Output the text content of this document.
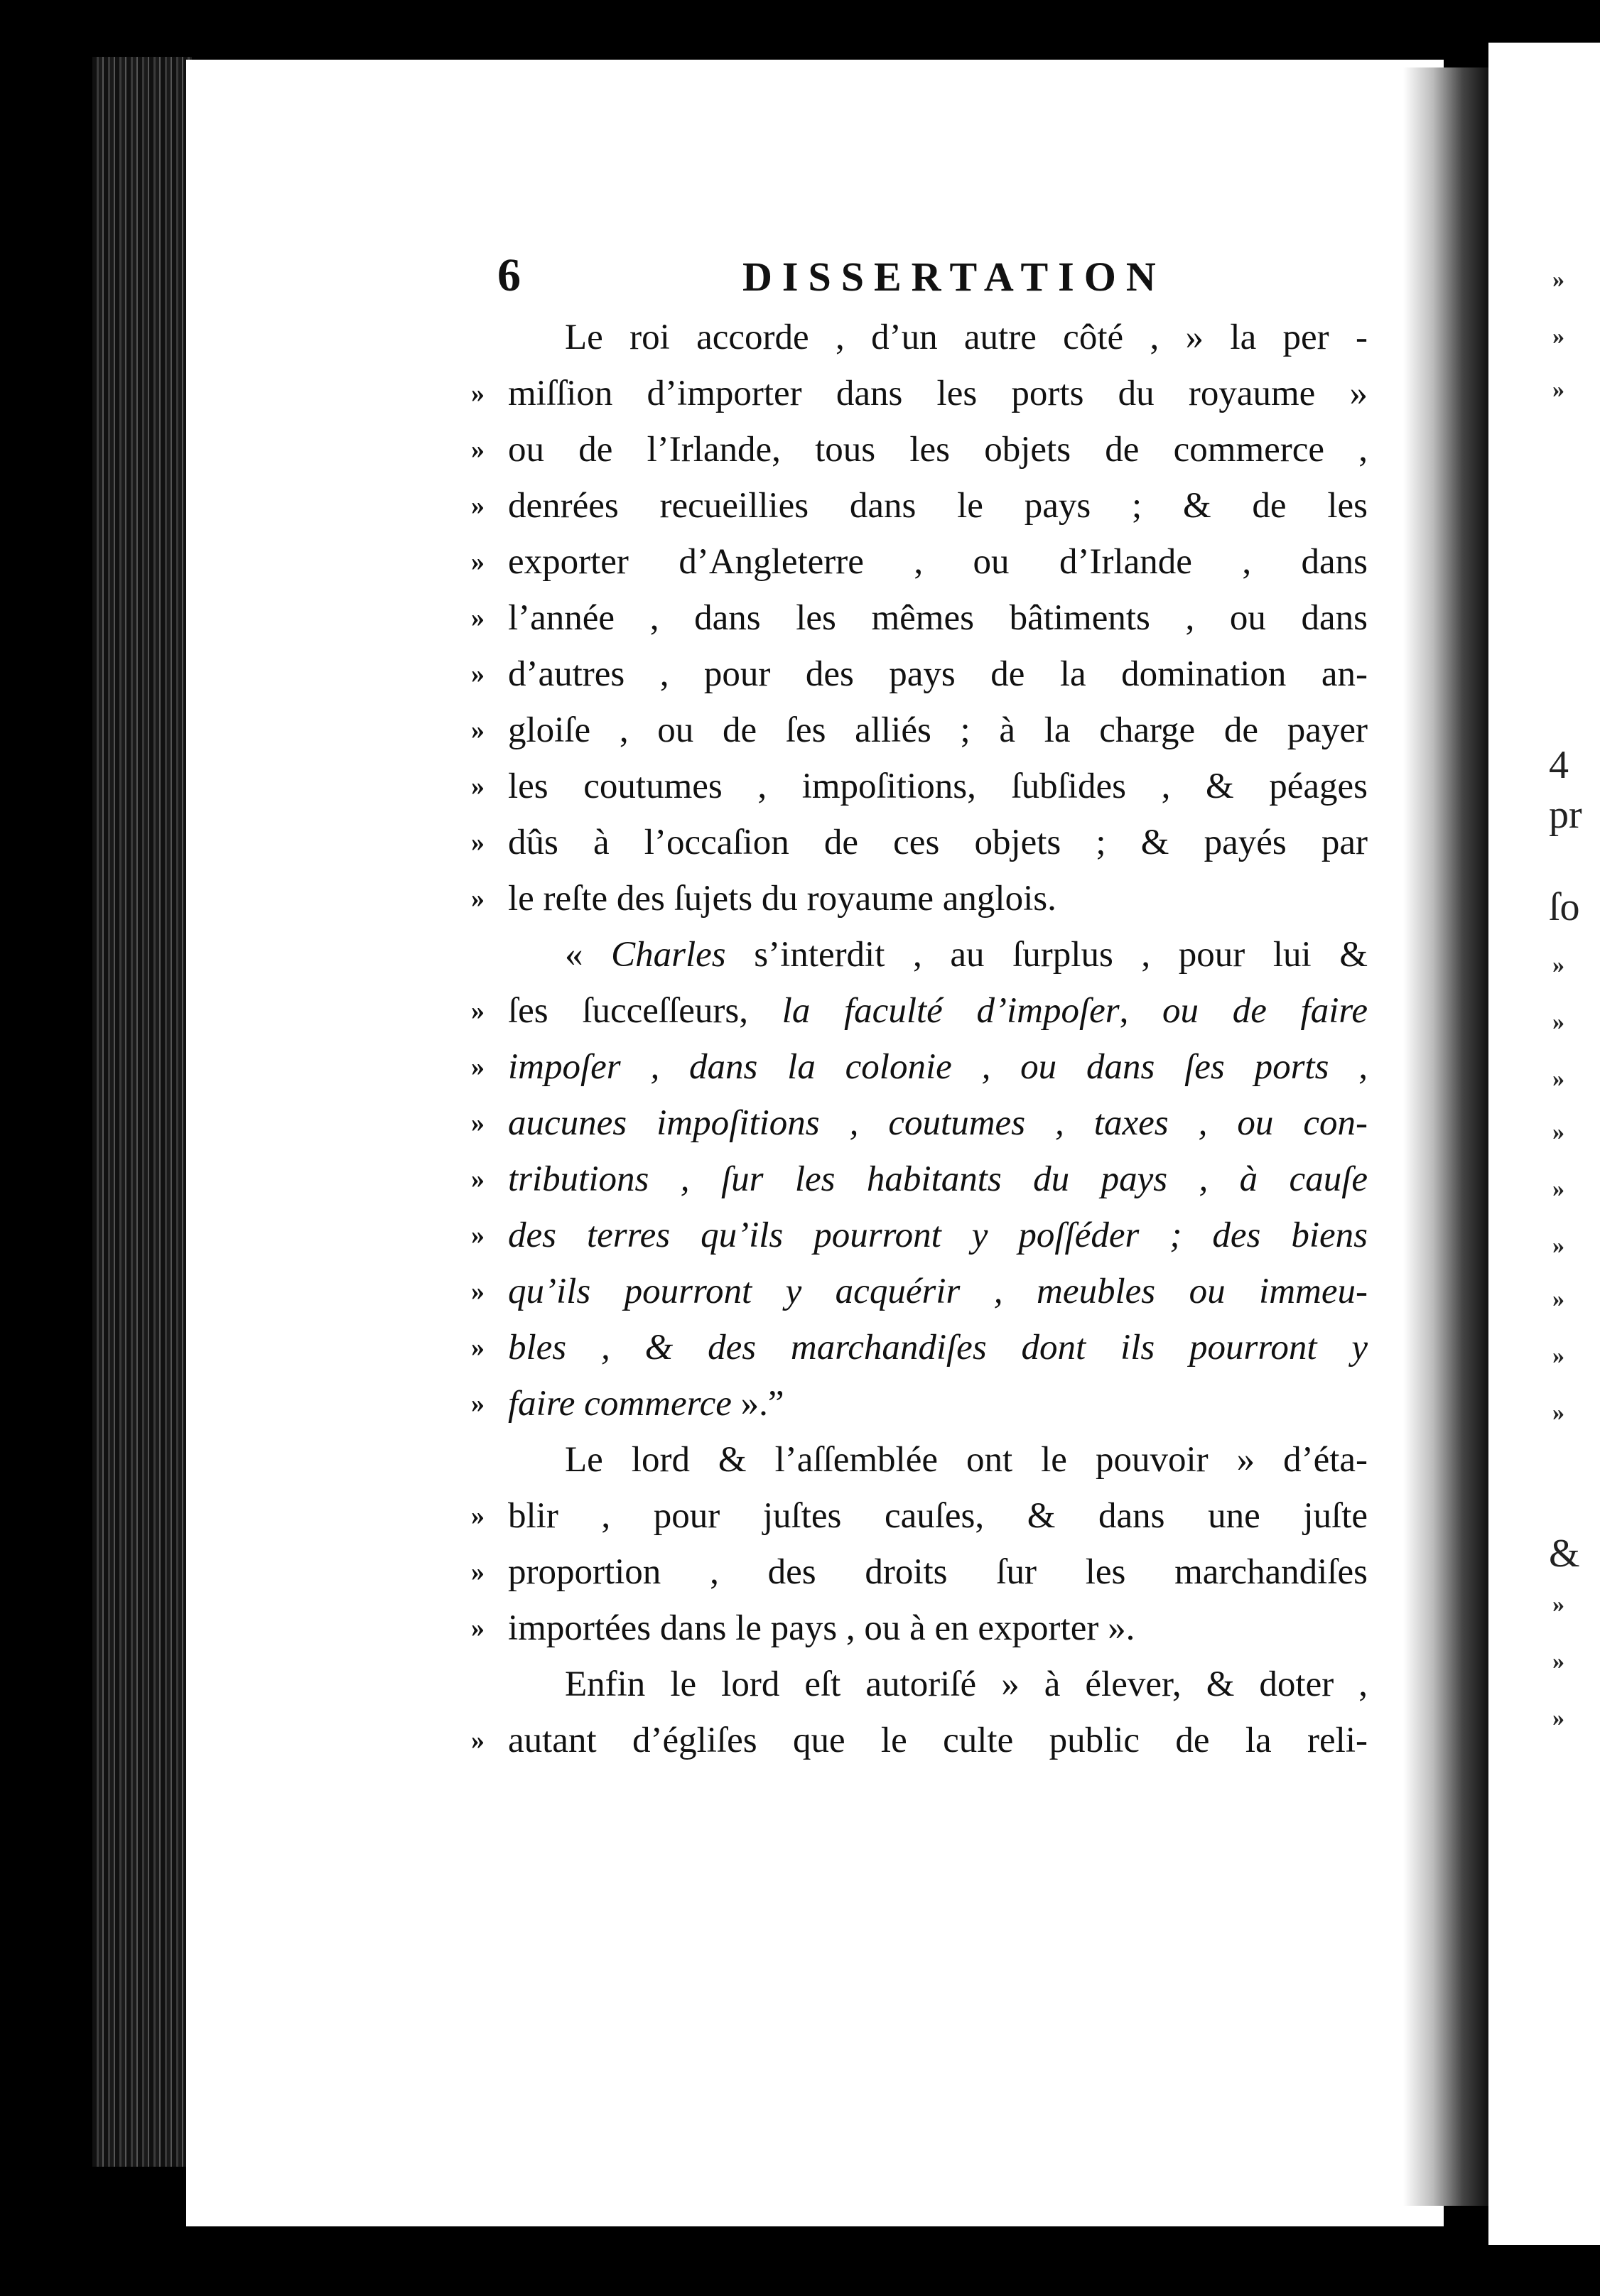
»
»
»
4
pr
ſo
»
»
»
»
»
»
»
»
»
&
»
»
»
6	DISSERTATION
Le roi accorde , d’un autre côté , » la per -
» miſſion d’importer dans les ports du royaume »
» ou de l’Irlande, tous les objets de commerce ,
» denrées recueillies dans le pays ; & de les
» exporter d’Angleterre , ou d’Irlande , dans
» l’année , dans les mêmes bâtiments , ou dans
» d’autres , pour des pays de la domination an-
» gloiſe , ou de ſes alliés ; à la charge de payer
» les coutumes , impoſitions, ſubſides , & péages
» dûs à l’occaſion de ces objets ; & payés par
» le reſte des ſujets du royaume anglois.
« Charles s’interdit , au ſurplus , pour lui &
» ſes ſucceſſeurs, la faculté d’impoſer, ou de faire
» impoſer , dans la colonie , ou dans ſes ports ,
» aucunes impoſitions , coutumes , taxes , ou con-
» tributions , ſur les habitants du pays , à cauſe
» des terres qu’ils pourront y poſſéder ; des biens
» qu’ils pourront y acquérir , meubles ou immeu-
» bles , & des marchandiſes dont ils pourront y
» faire commerce ».”
Le lord & l’aſſemblée ont le pouvoir » d’éta-
» blir , pour juſtes cauſes, & dans une juſte
» proportion , des droits ſur les marchandiſes
» importées dans le pays , ou à en exporter ».
Enfin le lord eſt autoriſé » à élever, & doter ,
» autant d’égliſes que le culte public de la reli-
